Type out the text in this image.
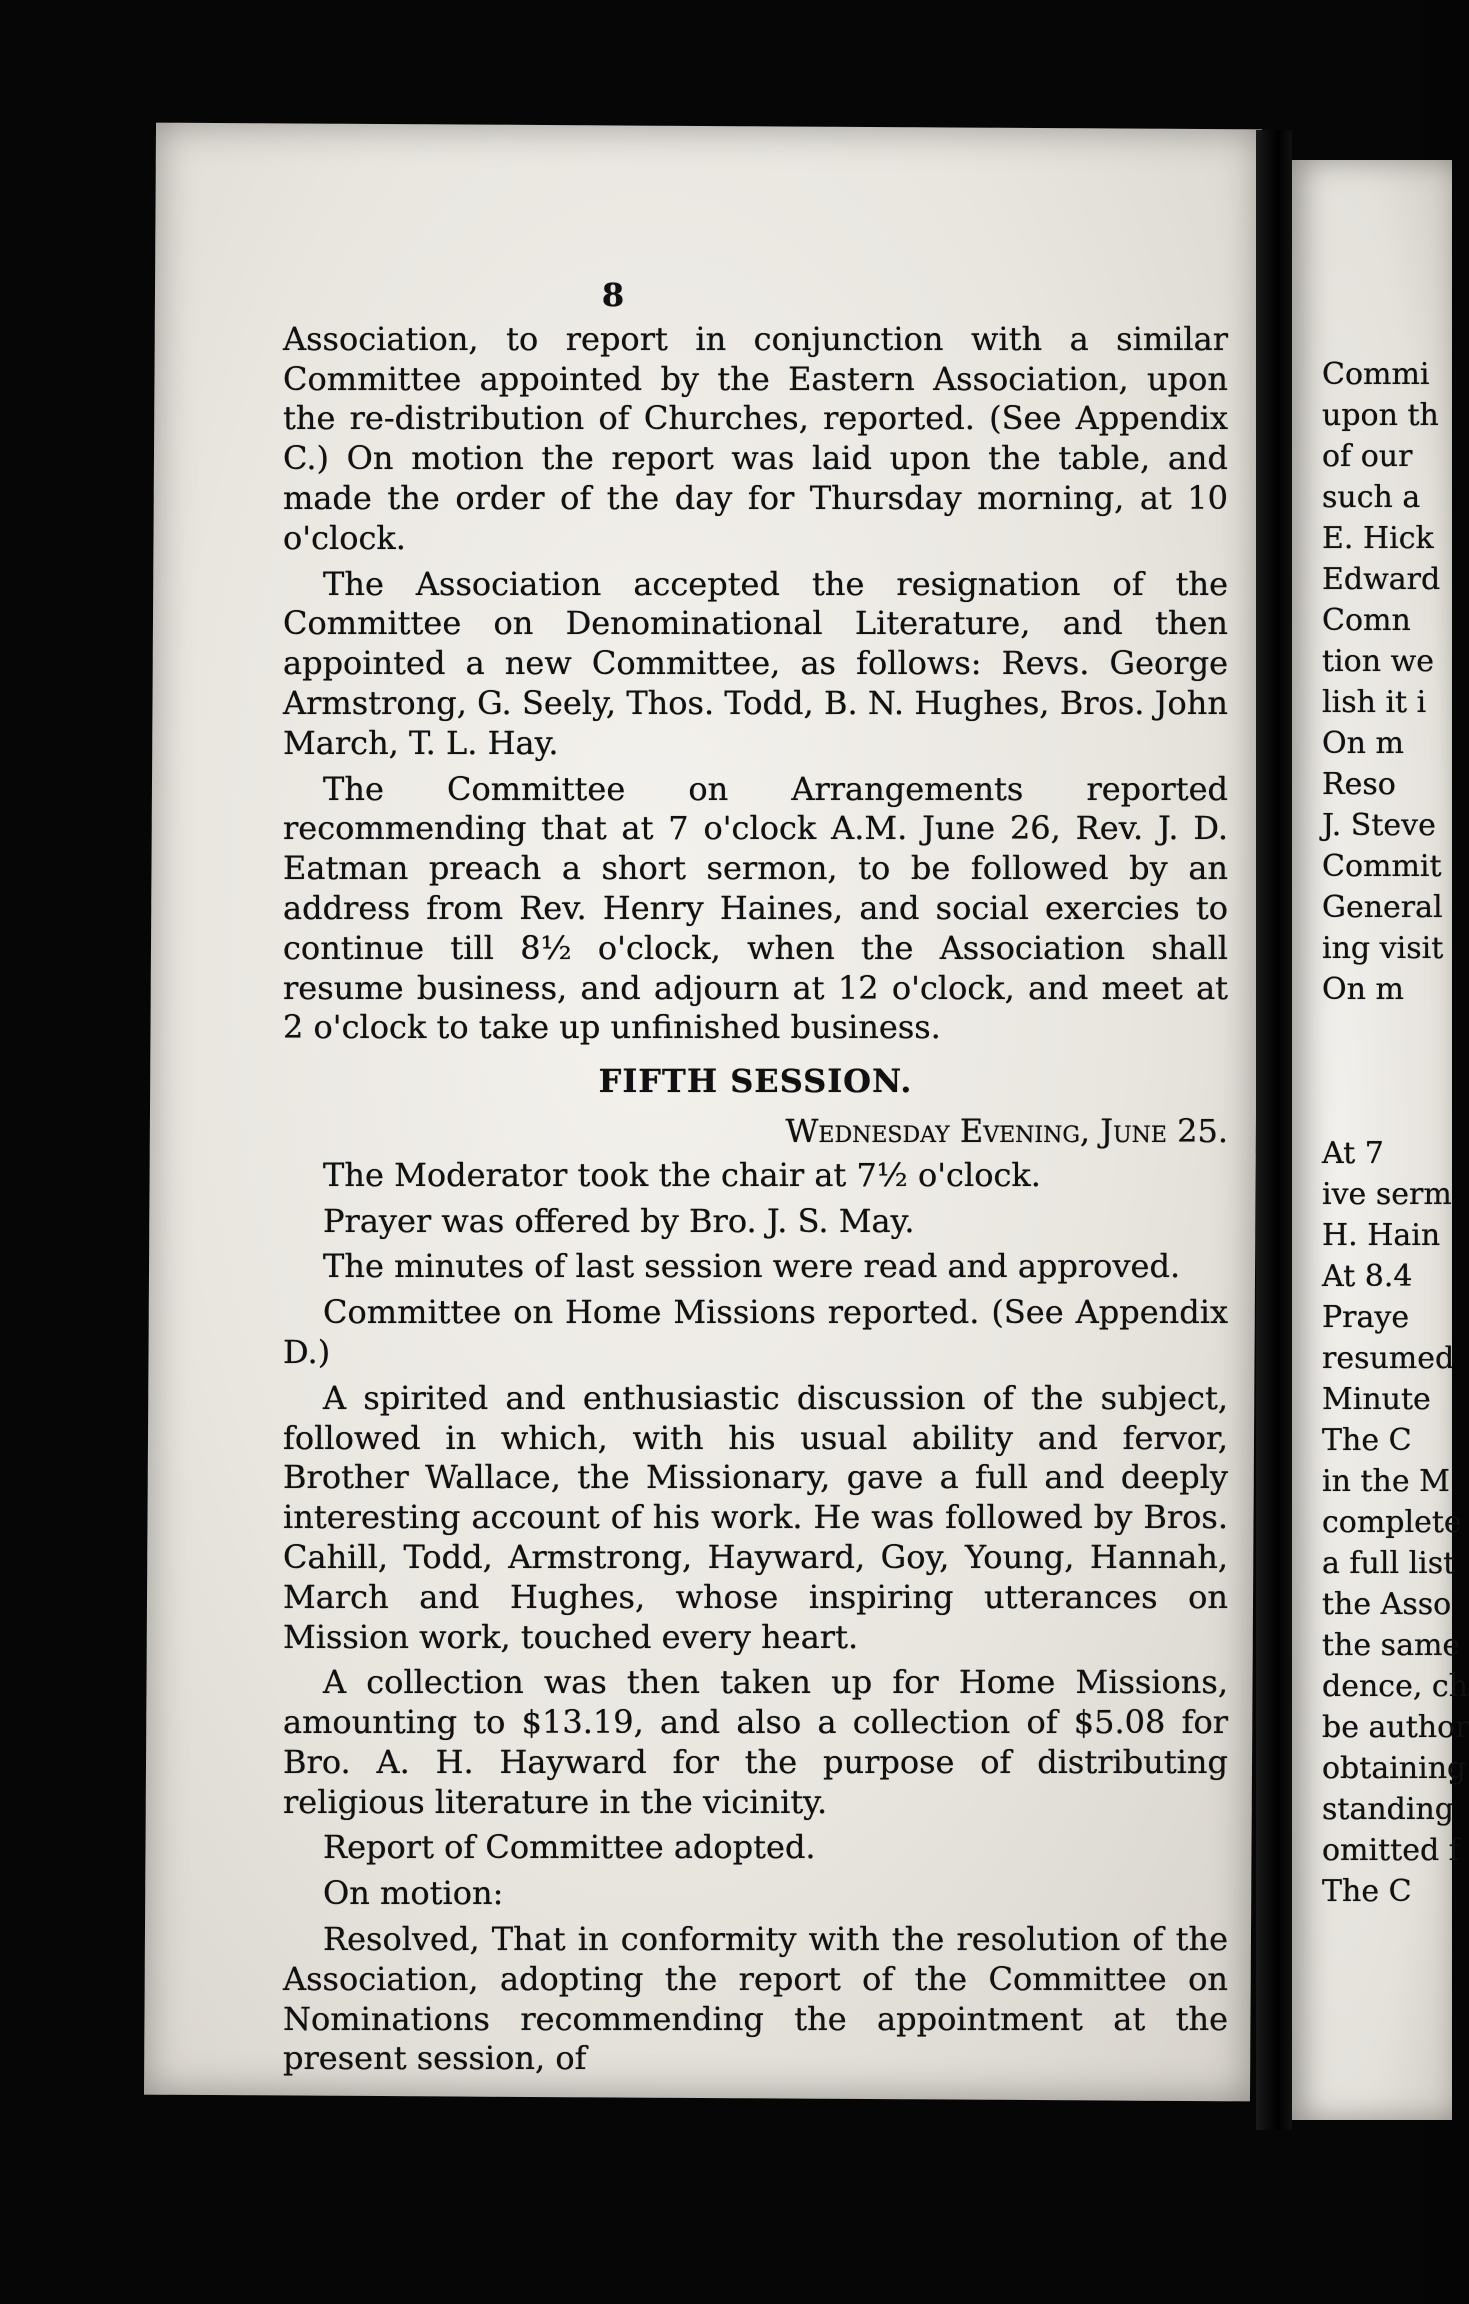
8

Association, to report in conjunction with a similar Committee appointed by the Eastern Association, upon the re-distribution of Churches, reported. (See Appendix C.) On motion the report was laid upon the table, and made the order of the day for Thursday morning, at 10 o'clock.

The Association accepted the resignation of the Committee on Denominational Literature, and then appointed a new Committee, as follows: Revs. George Armstrong, G. Seely, Thos. Todd, B. N. Hughes, Bros. John March, T. L. Hay.

The Committee on Arrangements reported recommending that at 7 o'clock A.M. June 26, Rev. J. D. Eatman preach a short sermon, to be followed by an address from Rev. Henry Haines, and social exercies to continue till 8½ o'clock, when the Association shall resume business, and adjourn at 12 o'clock, and meet at 2 o'clock to take up unfinished business.

FIFTH SESSION.
Wednesday Evening, June 25.

The Moderator took the chair at 7½ o'clock.

Prayer was offered by Bro. J. S. May.

The minutes of last session were read and approved.

Committee on Home Missions reported. (See Appendix D.)

A spirited and enthusiastic discussion of the subject, followed in which, with his usual ability and fervor, Brother Wallace, the Missionary, gave a full and deeply interesting account of his work. He was followed by Bros. Cahill, Todd, Armstrong, Hayward, Goy, Young, Hannah, March and Hughes, whose inspiring utterances on Mission work, touched every heart.

A collection was then taken up for Home Missions, amounting to $13.19, and also a collection of $5.08 for Bro. A. H. Hayward for the purpose of distributing religious literature in the vicinity.

Report of Committee adopted.

On motion:

Resolved, That in conformity with the resolution of the Association, adopting the report of the Committee on Nominations recommending the appointment at the present session, of

Commi
upon th
of our
such a
E. Hick
Edward
Comn
tion we
lish it i
On m
Reso
J. Steve
Commit
General
ing visit
On m
At 7
ive serm
H. Hain
At 8.4
Praye
resumed
Minute
The C
in the M
complete
a full list
the Asso
the same
dence, ch
be author
obtaining
standing
omitted f
The C
